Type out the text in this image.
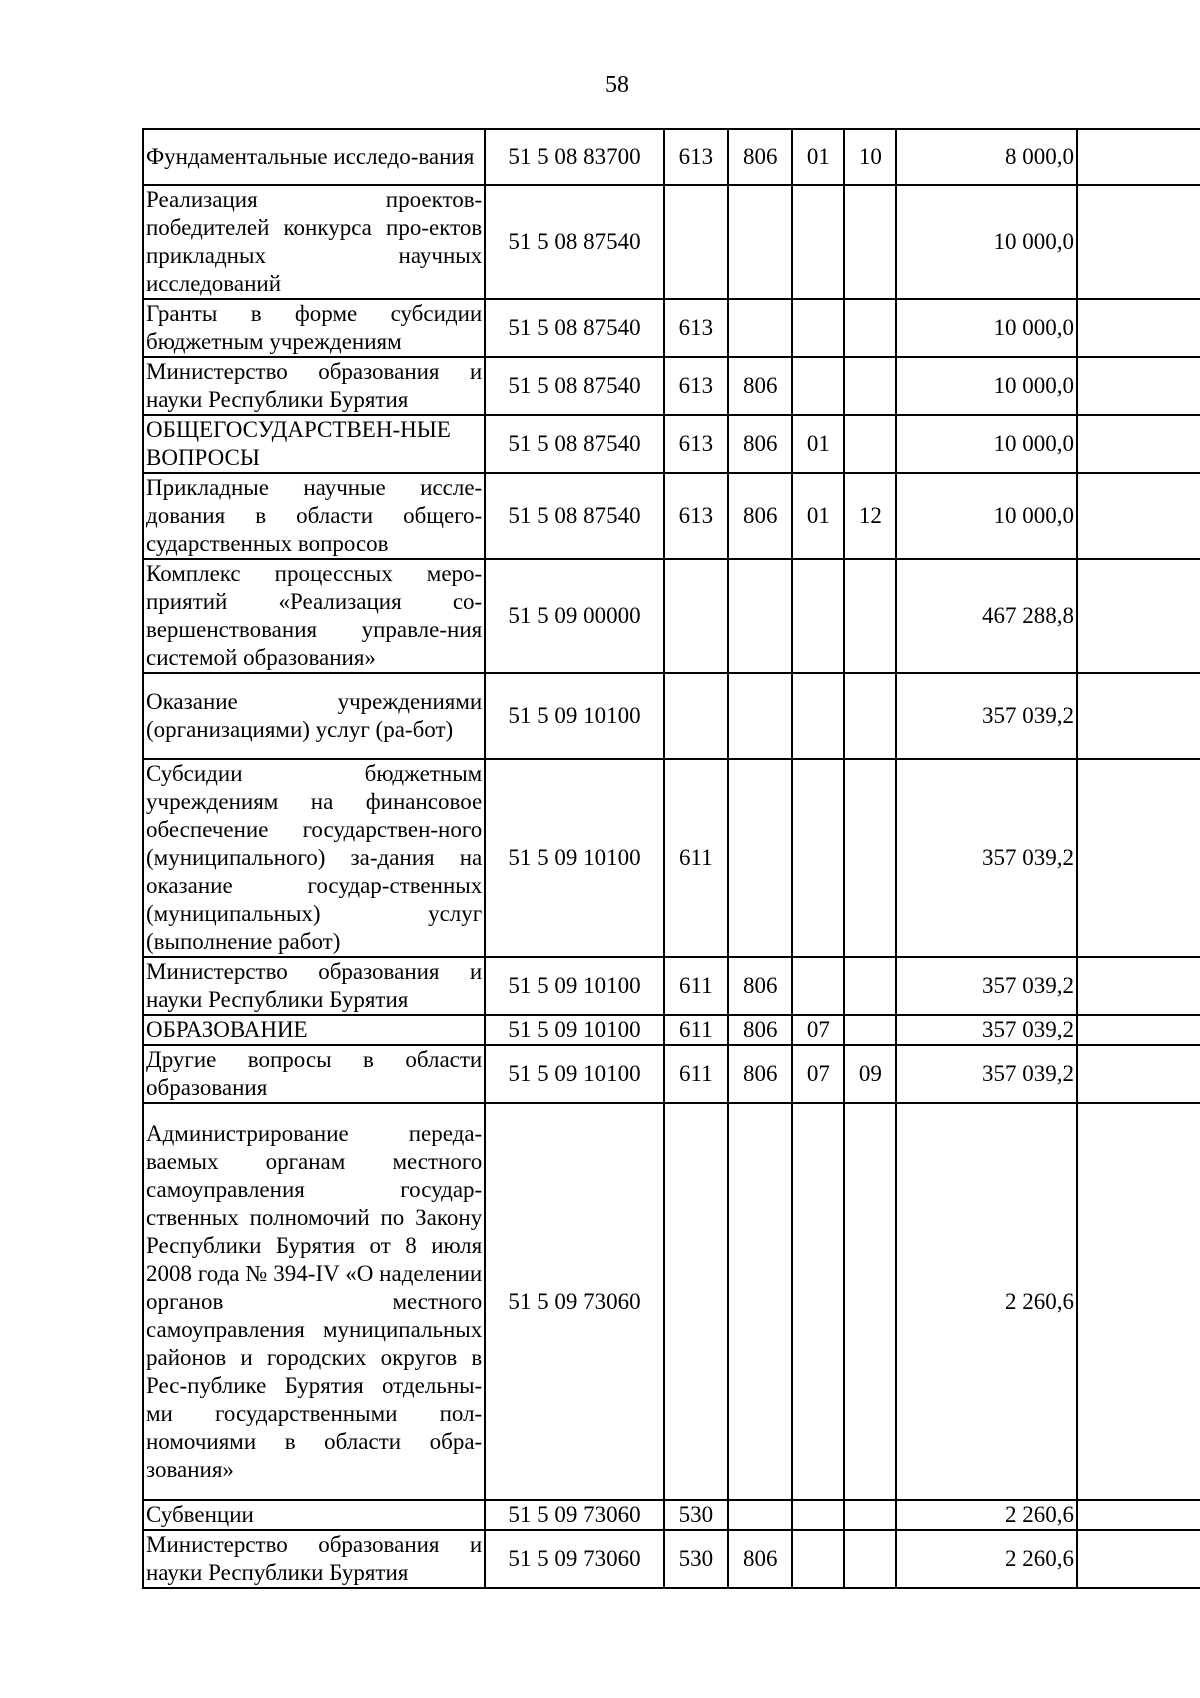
58
Фундаментальные исследо-вания	51 5 08 83700	613	806	01	10	8 000,0	
Реализация проектов-победителей конкурса про-ектов прикладных научных исследований	51 5 08 87540					10 000,0	
Гранты в форме субсидии бюджетным учреждениям	51 5 08 87540	613				10 000,0	
Министерство образования и науки Республики Бурятия	51 5 08 87540	613	806			10 000,0	
ОБЩЕГОСУДАРСТВЕН-НЫЕ ВОПРОСЫ	51 5 08 87540	613	806	01		10 000,0	
Прикладные научные иссле-дования в области общего-сударственных вопросов	51 5 08 87540	613	806	01	12	10 000,0	
Комплекс процессных меро-приятий «Реализация со-вершенствования управле-ния системой образования»	51 5 09 00000					467 288,8	
Оказание учреждениями (организациями) услуг (ра-бот)	51 5 09 10100					357 039,2	
Субсидии бюджетным учреждениям на финансовое обеспечение государствен-ного (муниципального) за-дания на оказание государ-ственных (муниципальных) услуг (выполнение работ)	51 5 09 10100	611				357 039,2	
Министерство образования и науки Республики Бурятия	51 5 09 10100	611	806			357 039,2	
ОБРАЗОВАНИЕ	51 5 09 10100	611	806	07		357 039,2	
Другие вопросы в области образования	51 5 09 10100	611	806	07	09	357 039,2	
Администрирование переда-ваемых органам местного самоуправления государ-ственных полномочий по Закону Республики Бурятия от 8 июля 2008 года № 394-IV «О наделении органов местного самоуправления муниципальных районов и городских округов в Рес-публике Бурятия отдельны-ми государственными пол-номочиями в области обра-зования»	51 5 09 73060					2 260,6	
Субвенции	51 5 09 73060	530				2 260,6	
Министерство образования и науки Республики Бурятия	51 5 09 73060	530	806			2 260,6	
